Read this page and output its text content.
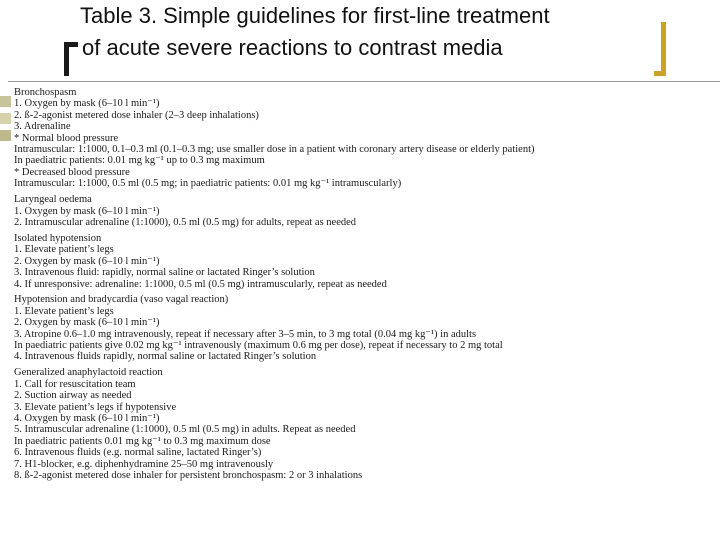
Table 3. Simple guidelines for first-line treatment
of acute severe reactions to contrast media
Bronchospasm
1. Oxygen by mask (6–10 l min⁻¹)
2. ß-2-agonist metered dose inhaler (2–3 deep inhalations)
3. Adrenaline
* Normal blood pressure
Intramuscular: 1:1000, 0.1–0.3 ml (0.1–0.3 mg; use smaller dose in a patient with coronary artery disease or elderly patient)
In paediatric patients: 0.01 mg kg⁻¹ up to 0.3 mg maximum
* Decreased blood pressure
Intramuscular: 1:1000, 0.5 ml (0.5 mg; in paediatric patients: 0.01 mg kg⁻¹ intramuscularly)
Laryngeal oedema
1. Oxygen by mask (6–10 l min⁻¹)
2. Intramuscular adrenaline (1:1000), 0.5 ml (0.5 mg) for adults, repeat as needed
Isolated hypotension
1. Elevate patient’s legs
2. Oxygen by mask (6–10 l min⁻¹)
3. Intravenous fluid: rapidly, normal saline or lactated Ringer’s solution
4. If unresponsive: adrenaline: 1:1000, 0.5 ml (0.5 mg) intramuscularly, repeat as needed
Hypotension and bradycardia (vaso vagal reaction)
1. Elevate patient’s legs
2. Oxygen by mask (6–10 l min⁻¹)
3. Atropine 0.6–1.0 mg intravenously, repeat if necessary after 3–5 min, to 3 mg total (0.04 mg kg⁻¹) in adults
In paediatric patients give 0.02 mg kg⁻¹ intravenously (maximum 0.6 mg per dose), repeat if necessary to 2 mg total
4. Intravenous fluids rapidly, normal saline or lactated Ringer’s solution
Generalized anaphylactoid reaction
1. Call for resuscitation team
2. Suction airway as needed
3. Elevate patient’s legs if hypotensive
4. Oxygen by mask (6–10 l min⁻¹)
5. Intramuscular adrenaline (1:1000), 0.5 ml (0.5 mg) in adults. Repeat as needed
In paediatric patients 0.01 mg kg⁻¹ to 0.3 mg maximum dose
6. Intravenous fluids (e.g. normal saline, lactated Ringer’s)
7. H1-blocker, e.g. diphenhydramine 25–50 mg intravenously
8. ß-2-agonist metered dose inhaler for persistent bronchospasm: 2 or 3 inhalations
